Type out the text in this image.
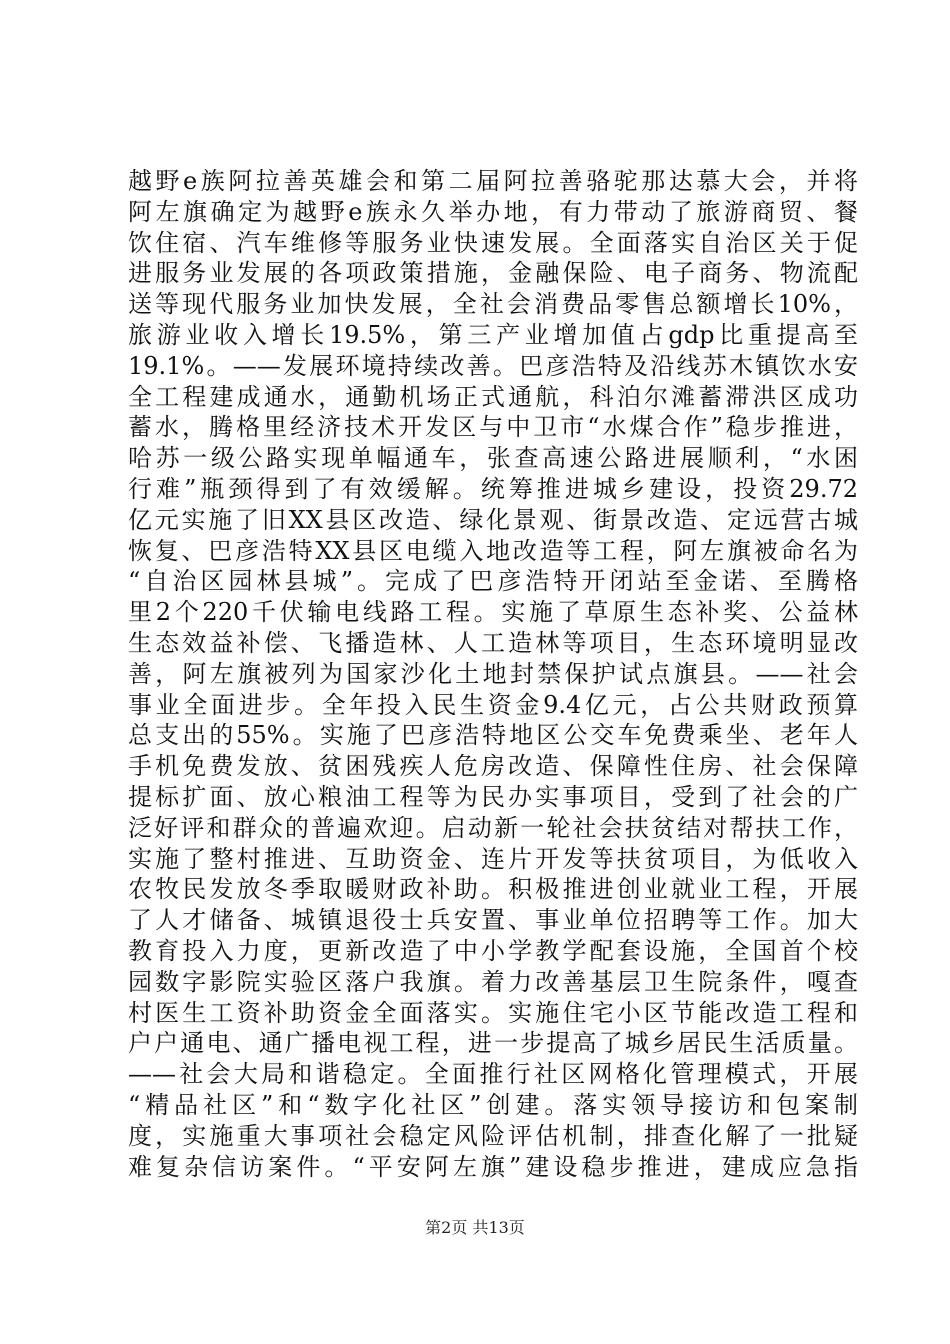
越野e族阿拉善英雄会和第二届阿拉善骆驼那达慕大会，并将
阿左旗确定为越野e族永久举办地，有力带动了旅游商贸、餐
饮住宿、汽车维修等服务业快速发展。全面落实自治区关于促
进服务业发展的各项政策措施，金融保险、电子商务、物流配
送等现代服务业加快发展，全社会消费品零售总额增长10%，
旅游业收入增长19.5%，第三产业增加值占gdp比重提高至
19.1%。——发展环境持续改善。巴彦浩特及沿线苏木镇饮水安
全工程建成通水，通勤机场正式通航，科泊尔滩蓄滞洪区成功
蓄水，腾格里经济技术开发区与中卫市“水煤合作”稳步推进，
哈苏一级公路实现单幅通车，张查高速公路进展顺利，“水困
行难”瓶颈得到了有效缓解。统筹推进城乡建设，投资29.72
亿元实施了旧XX县区改造、绿化景观、街景改造、定远营古城
恢复、巴彦浩特XX县区电缆入地改造等工程，阿左旗被命名为
“自治区园林县城”。完成了巴彦浩特开闭站至金诺、至腾格
里2个220千伏输电线路工程。实施了草原生态补奖、公益林
生态效益补偿、飞播造林、人工造林等项目，生态环境明显改
善，阿左旗被列为国家沙化土地封禁保护试点旗县。——社会
事业全面进步。全年投入民生资金9.4亿元，占公共财政预算
总支出的55%。实施了巴彦浩特地区公交车免费乘坐、老年人
手机免费发放、贫困残疾人危房改造、保障性住房、社会保障
提标扩面、放心粮油工程等为民办实事项目，受到了社会的广
泛好评和群众的普遍欢迎。启动新一轮社会扶贫结对帮扶工作，
实施了整村推进、互助资金、连片开发等扶贫项目，为低收入
农牧民发放冬季取暖财政补助。积极推进创业就业工程，开展
了人才储备、城镇退役士兵安置、事业单位招聘等工作。加大
教育投入力度，更新改造了中小学教学配套设施，全国首个校
园数字影院实验区落户我旗。着力改善基层卫生院条件，嘎查
村医生工资补助资金全面落实。实施住宅小区节能改造工程和
户户通电、通广播电视工程，进一步提高了城乡居民生活质量。
——社会大局和谐稳定。全面推行社区网格化管理模式，开展
“精品社区”和“数字化社区”创建。落实领导接访和包案制
度，实施重大事项社会稳定风险评估机制，排查化解了一批疑
难复杂信访案件。“平安阿左旗”建设稳步推进，建成应急指
第2页 共13页
